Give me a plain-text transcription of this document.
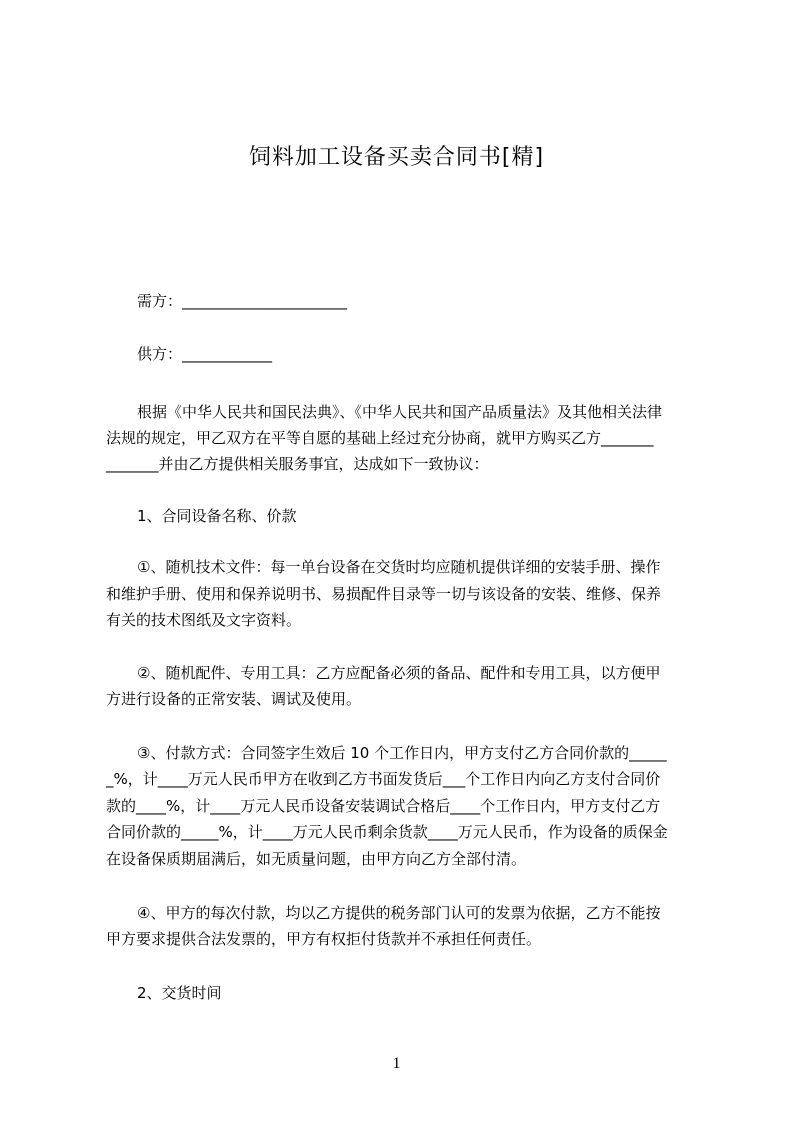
饲料加工设备买卖合同书[精]
需方：______________________
供方：____________
根据《中华人民共和国民法典》、《中华人民共和国产品质量法》及其他相关法律
法规的规定，甲乙双方在平等自愿的基础上经过充分协商，就甲方购买乙方_______
_______并由乙方提供相关服务事宜，达成如下一致协议：
1、合同设备名称、价款
①、随机技术文件：每一单台设备在交货时均应随机提供详细的安装手册、操作
和维护手册、使用和保养说明书、易损配件目录等一切与该设备的安装、维修、保养
有关的技术图纸及文字资料。
②、随机配件、专用工具：乙方应配备必须的备品、配件和专用工具，以方便甲
方进行设备的正常安装、调试及使用。
③、付款方式：合同签字生效后 10 个工作日内，甲方支付乙方合同价款的_____
_%，计____万元人民币甲方在收到乙方书面发货后___个工作日内向乙方支付合同价
款的____%，计____万元人民币设备安装调试合格后____个工作日内，甲方支付乙方
合同价款的_____%，计____万元人民币剩余货款____万元人民币，作为设备的质保金
在设备保质期届满后，如无质量问题，由甲方向乙方全部付清。
④、甲方的每次付款，均以乙方提供的税务部门认可的发票为依据，乙方不能按
甲方要求提供合法发票的，甲方有权拒付货款并不承担任何责任。
2、交货时间
1
